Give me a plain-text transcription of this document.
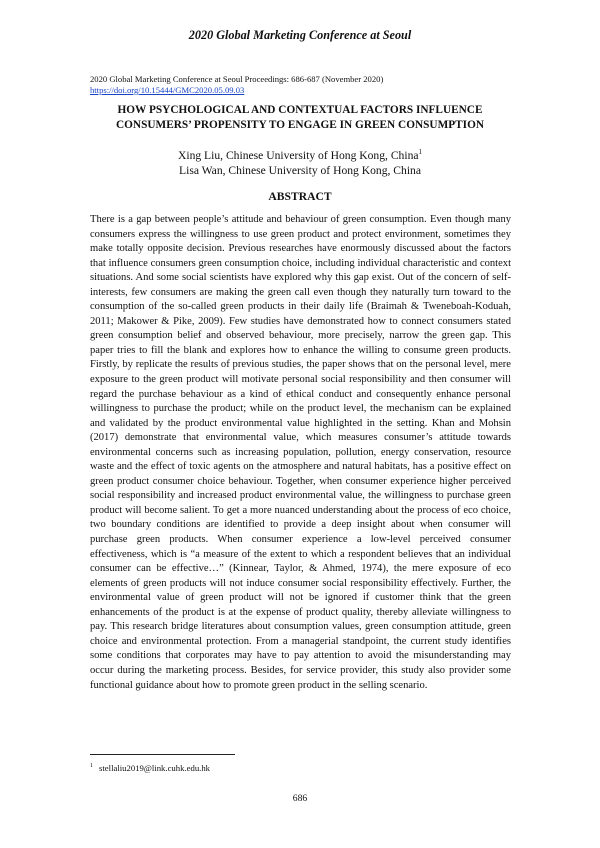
2020 Global Marketing Conference at Seoul
2020 Global Marketing Conference at Seoul Proceedings: 686-687 (November 2020)
https://doi.org/10.15444/GMC2020.05.09.03
HOW PSYCHOLOGICAL AND CONTEXTUAL FACTORS INFLUENCE
CONSUMERS’ PROPENSITY TO ENGAGE IN GREEN CONSUMPTION
Xing Liu, Chinese University of Hong Kong, China$^1$
Lisa Wan, Chinese University of Hong Kong, China
ABSTRACT
There is a gap between people’s attitude and behaviour of green consumption. Even though many consumers express the willingness to use green product and protect environment, sometimes they make totally opposite decision. Previous researches have enormously discussed about the factors that influence consumers green consumption choice, including individual characteristic and context situations. And some social scientists have explored why this gap exist. Out of the concern of self-interests, few consumers are making the green call even though they naturally turn toward to the consumption of the so-called green products in their daily life (Braimah & Tweneboah-Koduah, 2011; Makower & Pike, 2009). Few studies have demonstrated how to connect consumers stated green consumption belief and observed behaviour, more precisely, narrow the green gap. This paper tries to fill the blank and explores how to enhance the willing to consume green products. Firstly, by replicate the results of previous studies, the paper shows that on the personal level, mere exposure to the green product will motivate personal social responsibility and then consumer will regard the purchase behaviour as a kind of ethical conduct and consequently enhance personal willingness to purchase the product; while on the product level, the mechanism can be explained and validated by the product environmental value highlighted in the setting. Khan and Mohsin (2017) demonstrate that environmental value, which measures consumer’s attitude towards environmental concerns such as increasing population, pollution, energy conservation, resource waste and the effect of toxic agents on the atmosphere and natural habitats, has a positive effect on green product consumer choice behaviour. Together, when consumer experience higher perceived social responsibility and increased product environmental value, the willingness to purchase green product will become salient. To get a more nuanced understanding about the process of eco choice, two boundary conditions are identified to provide a deep insight about when consumer will purchase green products. When consumer experience a low-level perceived consumer effectiveness, which is “a measure of the extent to which a respondent believes that an individual consumer can be effective…” (Kinnear, Taylor, & Ahmed, 1974), the mere exposure of eco elements of green products will not induce consumer social responsibility effectively. Further, the environmental value of green product will not be ignored if customer think that the green enhancements of the product is at the expense of product quality, thereby alleviate willingness to pay. This research bridge literatures about consumption values, green consumption attitude, green choice and environmental protection. From a managerial standpoint, the current study identifies some conditions that corporates may have to pay attention to avoid the misunderstanding may occur during the marketing process. Besides, for service provider, this study also provider some functional guidance about how to promote green product in the selling scenario.
$^1$ stellaliu2019@link.cuhk.edu.hk
686
